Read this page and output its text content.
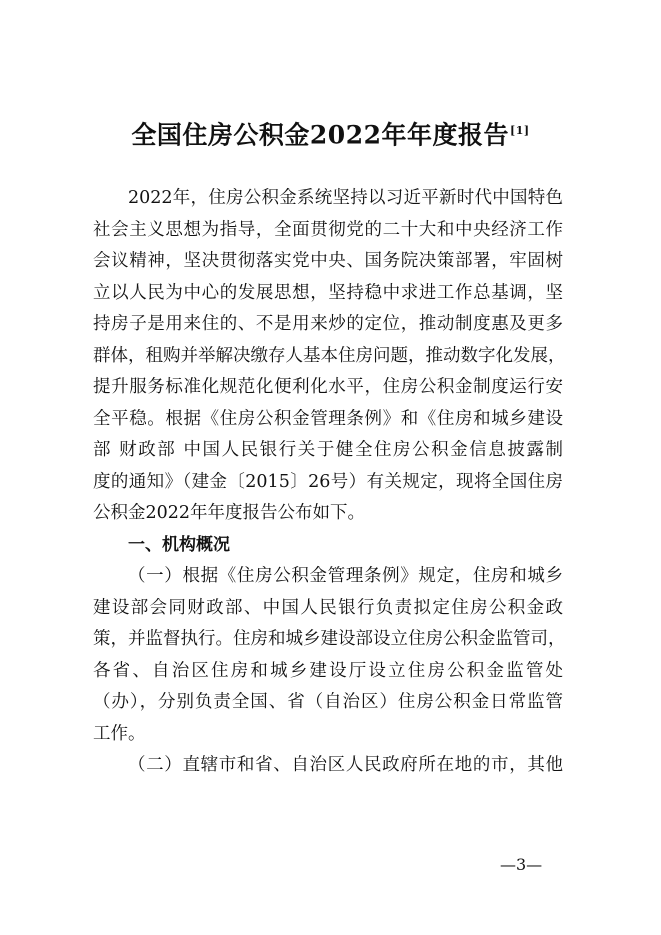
全国住房公积金2022年年度报告[1]
2022年，住房公积金系统坚持以习近平新时代中国特色
社会主义思想为指导，全面贯彻党的二十大和中央经济工作
会议精神，坚决贯彻落实党中央、国务院决策部署，牢固树
立以人民为中心的发展思想，坚持稳中求进工作总基调，坚
持房子是用来住的、不是用来炒的定位，推动制度惠及更多
群体，租购并举解决缴存人基本住房问题，推动数字化发展，
提升服务标准化规范化便利化水平，住房公积金制度运行安
全平稳。根据《住房公积金管理条例》和《住房和城乡建设
部 财政部 中国人民银行关于健全住房公积金信息披露制
度的通知》（建金〔2015〕26号）有关规定，现将全国住房
公积金2022年年度报告公布如下。
一、机构概况
（一）根据《住房公积金管理条例》规定，住房和城乡
建设部会同财政部、中国人民银行负责拟定住房公积金政
策，并监督执行。住房和城乡建设部设立住房公积金监管司，
各省、自治区住房和城乡建设厅设立住房公积金监管处
（办），分别负责全国、省（自治区）住房公积金日常监管
工作。
（二）直辖市和省、自治区人民政府所在地的市，其他
—3—
